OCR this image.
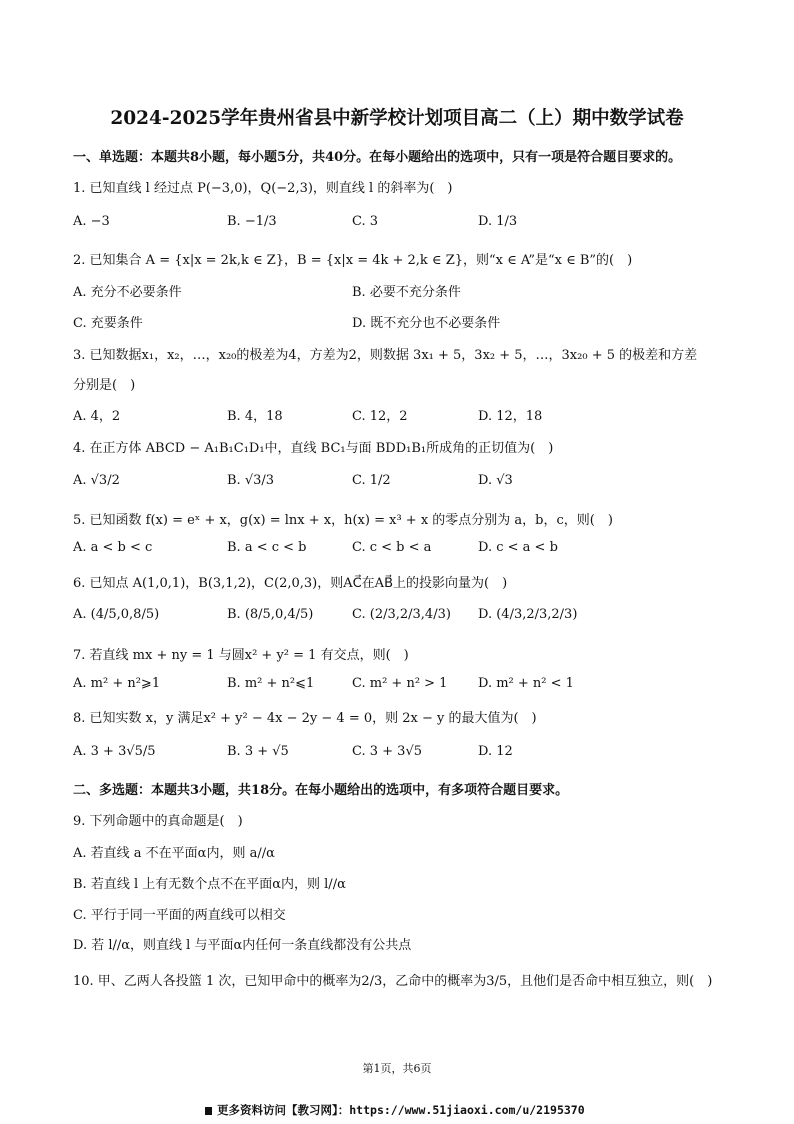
2024-2025学年贵州省县中新学校计划项目高二（上）期中数学试卷
一、单选题：本题共8小题，每小题5分，共40分。在每小题给出的选项中，只有一项是符合题目要求的。
1. 已知直线 l 经过点 P(−3,0)，Q(−2,3)，则直线 l 的斜率为(　)
A. −3	B. −1/3	C. 3	D. 1/3
2. 已知集合 A = {x|x = 2k,k ∈ Z}，B = {x|x = 4k + 2,k ∈ Z}，则“x ∈ A”是“x ∈ B”的(　)
A. 充分不必要条件	B. 必要不充分条件
C. 充要条件	D. 既不充分也不必要条件
3. 已知数据x₁，x₂，…，x₂₀的极差为4，方差为2，则数据 3x₁ + 5，3x₂ + 5，…，3x₂₀ + 5 的极差和方差
分别是(　)
A. 4，2	B. 4，18	C. 12，2	D. 12，18
4. 在正方体 ABCD − A₁B₁C₁D₁中，直线 BC₁与面 BDD₁B₁所成角的正切值为(　)
A. √3/2	B. √3/3	C. 1/2	D. √3
5. 已知函数 f(x) = eˣ + x，g(x) = lnx + x，h(x) = x³ + x 的零点分别为 a，b，c，则(　)
A. a < b < c	B. a < c < b	C. c < b < a	D. c < a < b
6. 已知点 A(1,0,1)，B(3,1,2)，C(2,0,3)，则AC⃗在AB⃗上的投影向量为(　)
A. (4/5,0,8/5)	B. (8/5,0,4/5)	C. (2/3,2/3,4/3) D. (4/3,2/3,2/3)
7. 若直线 mx + ny = 1 与圆x² + y² = 1 有交点，则(　)
A. m² + n²⩾1	B. m² + n²⩽1	C. m² + n² > 1 D. m² + n² < 1
8. 已知实数 x，y 满足x² + y² − 4x − 2y − 4 = 0，则 2x − y 的最大值为(　)
A. 3 + 3√5/5	B. 3 + √5	C. 3 + 3√5	D. 12
二、多选题：本题共3小题，共18分。在每小题给出的选项中，有多项符合题目要求。
9. 下列命题中的真命题是(　)
A. 若直线 a 不在平面α内，则 a//α
B. 若直线 l 上有无数个点不在平面α内，则 l//α
C. 平行于同一平面的两直线可以相交
D. 若 l//α，则直线 l 与平面α内任何一条直线都没有公共点
10. 甲、乙两人各投篮 1 次，已知甲命中的概率为2/3，乙命中的概率为3/5，且他们是否命中相互独立，则(　)
第1页，共6页
更多资料访问【教习网】：https://www.51jiaoxi.com/u/2195370
